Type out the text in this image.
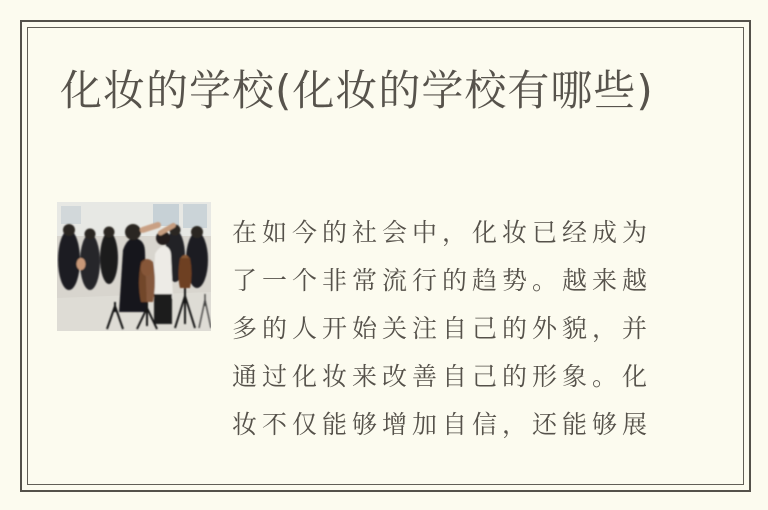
化妆的学校(化妆的学校有哪些)
在如今的社会中，化妆已经成为
了一个非常流行的趋势。越来越
多的人开始关注自己的外貌，并
通过化妆来改善自己的形象。化
妆不仅能够增加自信，还能够展
